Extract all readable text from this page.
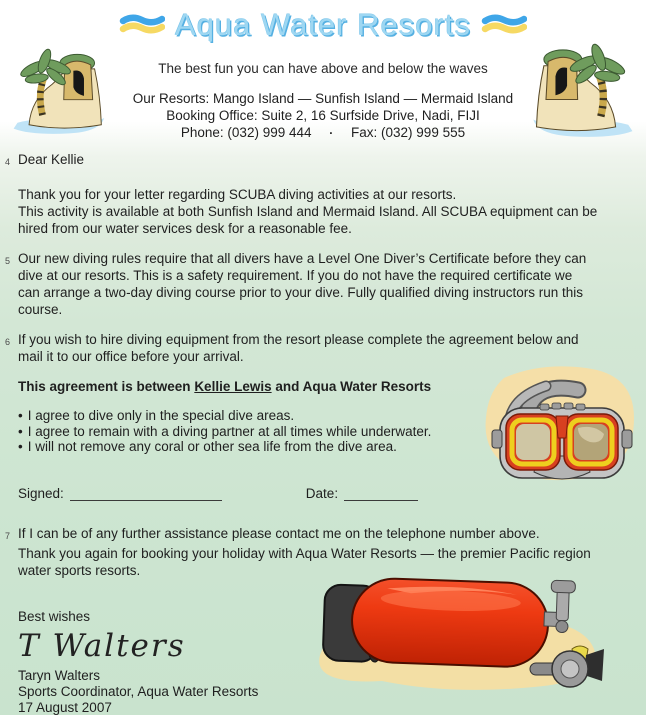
Aqua Water Resorts
The best fun you can have above and below the waves
Our Resorts: Mango Island — Sunfish Island — Mermaid Island
Booking Office: Suite 2, 16 Surfside Drive, Nadi, FIJI
Phone: (032) 999 444 · Fax: (032) 999 555
4 Dear Kellie
Thank you for your letter regarding SCUBA diving activities at our resorts.
This activity is available at both Sunfish Island and Mermaid Island. All SCUBA equipment can be
hired from our water services desk for a reasonable fee.
5 Our new diving rules require that all divers have a Level One Diver’s Certificate before they can
dive at our resorts. This is a safety requirement. If you do not have the required certificate we
can arrange a two-day diving course prior to your dive. Fully qualified diving instructors run this
course.
6 If you wish to hire diving equipment from the resort please complete the agreement below and
mail it to our office before your arrival.
This agreement is between Kellie Lewis and Aqua Water Resorts
• I agree to dive only in the special dive areas.
• I agree to remain with a diving partner at all times while underwater.
• I will not remove any coral or other sea life from the dive area.
Signed:	Date:
7 If I can be of any further assistance please contact me on the telephone number above.
Thank you again for booking your holiday with Aqua Water Resorts — the premier Pacific region
water sports resorts.
Best wishes
T Walters
Taryn Walters
Sports Coordinator, Aqua Water Resorts
17 August 2007
